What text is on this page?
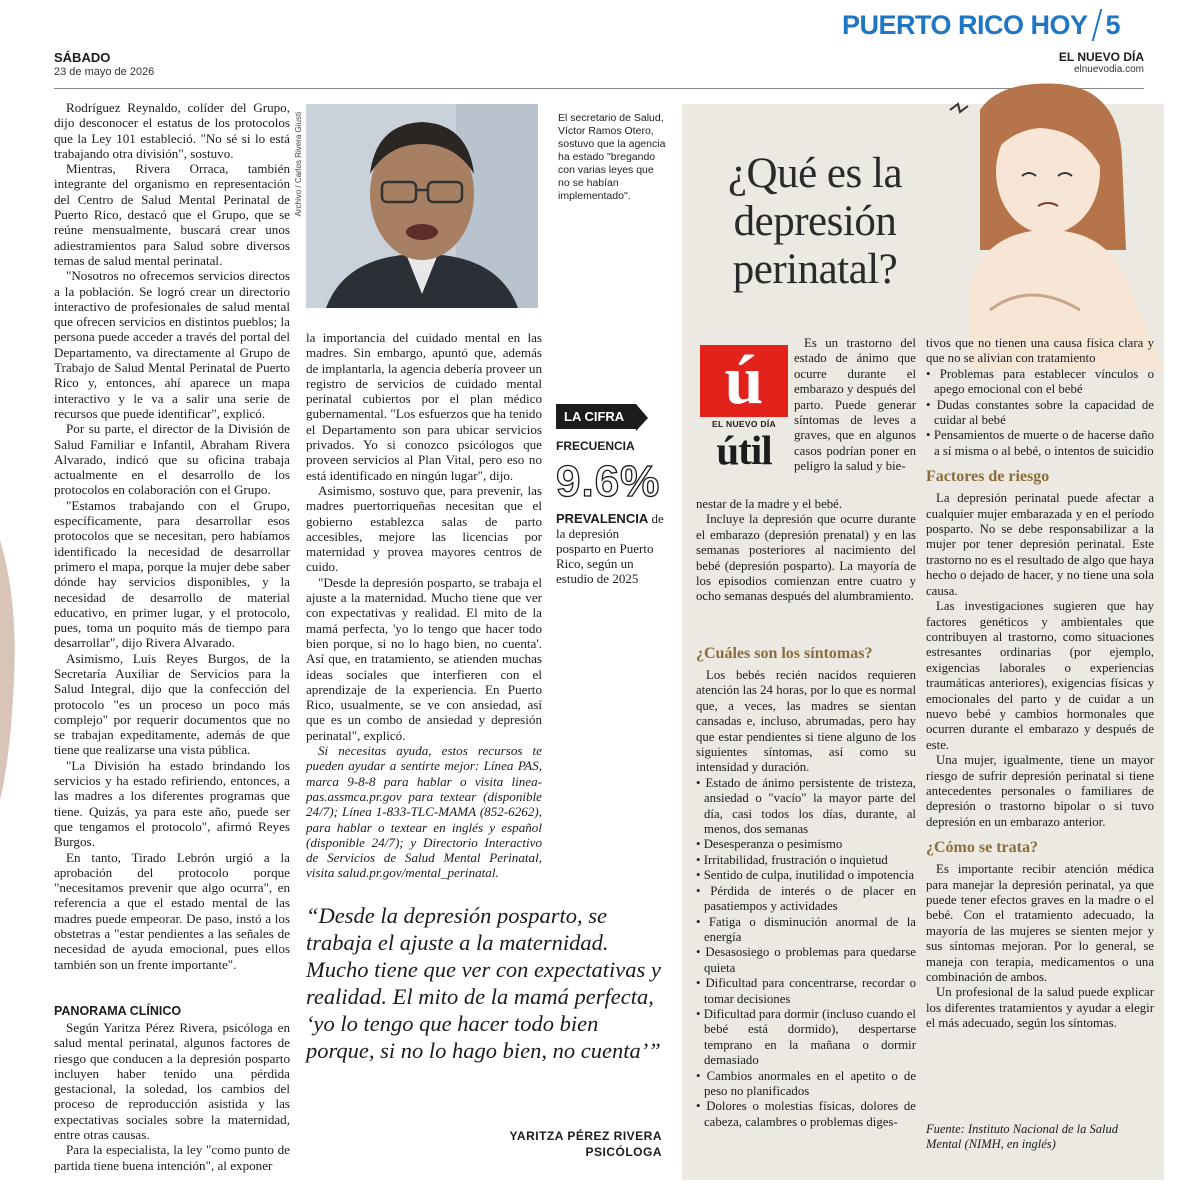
PUERTO RICO HOY 5
SÁBADO
23 de mayo de 2026
EL NUEVO DÍA
elnuevodia.com

Rodríguez Reynaldo, colíder del Grupo, dijo desconocer el estatus de los protocolos que la Ley 101 estableció. "No sé si lo está trabajando otra división", sostuvo.

Mientras, Rivera Orraca, también integrante del organismo en representación del Centro de Salud Mental Perinatal de Puerto Rico, destacó que el Grupo, que se reúne mensualmente, buscará crear unos adiestramientos para Salud sobre diversos temas de salud mental perinatal.

"Nosotros no ofrecemos servicios directos a la población. Se logró crear un directorio interactivo de profesionales de salud mental que ofrecen servicios en distintos pueblos; la persona puede acceder a través del portal del Departamento, va directamente al Grupo de Trabajo de Salud Mental Perinatal de Puerto Rico y, entonces, ahí aparece un mapa interactivo y le va a salir una serie de recursos que puede identificar", explicó.

Por su parte, el director de la División de Salud Familiar e Infantil, Abraham Rivera Alvarado, indicó que su oficina trabaja actualmente en el desarrollo de los protocolos en colaboración con el Grupo.

"Estamos trabajando con el Grupo, específicamente, para desarrollar esos protocolos que se necesitan, pero habíamos identificado la necesidad de desarrollar primero el mapa, porque la mujer debe saber dónde hay servicios disponibles, y la necesidad de desarrollo de material educativo, en primer lugar, y el protocolo, pues, toma un poquito más de tiempo para desarrollar", dijo Rivera Alvarado.

Asimismo, Luis Reyes Burgos, de la Secretaría Auxiliar de Servicios para la Salud Integral, dijo que la confección del protocolo "es un proceso un poco más complejo" por requerir documentos que no se trabajan expeditamente, además de que tiene que realizarse una vista pública.

"La División ha estado brindando los servicios y ha estado refiriendo, entonces, a las madres a los diferentes programas que tiene. Quizás, ya para este año, puede ser que tengamos el protocolo", afirmó Reyes Burgos.

En tanto, Tirado Lebrón urgió a la aprobación del protocolo porque "necesitamos prevenir que algo ocurra", en referencia a que el estado mental de las madres puede empeorar. De paso, instó a los obstetras a "estar pendientes a las señales de necesidad de ayuda emocional, pues ellos también son un frente importante".

PANORAMA CLÍNICO

Según Yaritza Pérez Rivera, psicóloga en salud mental perinatal, algunos factores de riesgo que conducen a la depresión posparto incluyen haber tenido una pérdida gestacional, la soledad, los cambios del proceso de reproducción asistida y las expectativas sociales sobre la maternidad, entre otras causas.

Para la especialista, la ley "como punto de partida tiene buena intención", al exponer

Archivo / Carlos Rivera Giusti	El secretario de Salud, Víctor Ramos Otero, sostuvo que la agencia ha estado "bregando con varias leyes que no se habían implementado".

la importancia del cuidado mental en las madres. Sin embargo, apuntó que, además de implantarla, la agencia debería proveer un registro de servicios de cuidado mental perinatal cubiertos por el plan médico gubernamental. "Los esfuerzos que ha tenido el Departamento son para ubicar servicios privados. Yo si conozco psicólogos que proveen servicios al Plan Vital, pero eso no está identificado en ningún lugar", dijo.

Asimismo, sostuvo que, para prevenir, las madres puertorriqueñas necesitan que el gobierno establezca salas de parto accesibles, mejore las licencias por maternidad y provea mayores centros de cuido.

"Desde la depresión posparto, se trabaja el ajuste a la maternidad. Mucho tiene que ver con expectativas y realidad. El mito de la mamá perfecta, 'yo lo tengo que hacer todo bien porque, si no lo hago bien, no cuenta'. Así que, en tratamiento, se atienden muchas ideas sociales que interfieren con el aprendizaje de la experiencia. En Puerto Rico, usualmente, se ve con ansiedad, así que es un combo de ansiedad y depresión perinatal", explicó.

Si necesitas ayuda, estos recursos te pueden ayudar a sentirte mejor: Línea PAS, marca 9-8-8 para hablar o visita linea-pas.assmca.pr.gov para textear (disponible 24/7); Línea 1-833-TLC-MAMA (852-6262), para hablar o textear en inglés y español (disponible 24/7); y Directorio Interactivo de Servicios de Salud Mental Perinatal, visita salud.pr.gov/mental_perinatal.

LA CIFRA
FRECUENCIA
9.6%
PREVALENCIA de la depresión posparto en Puerto Rico, según un estudio de 2025
“Desde la depresión posparto, se trabaja el ajuste a la maternidad. Mucho tiene que ver con expectativas y realidad. El mito de la mamá perfecta, ‘yo lo tengo que hacer todo bien porque, si no lo hago bien, no cuenta’”
YARITZA PÉREZ RIVERA
PSICÓLOGA
¿Qué es la depresión perinatal?
ú
EL NUEVO DÍA
útil

Es un trastorno del estado de ánimo que ocurre durante el embarazo y después del parto. Puede generar síntomas de leves a graves, que en algunos casos podrían poner en peligro la salud y bie-

nestar de la madre y el bebé.

Incluye la depresión que ocurre durante el embarazo (depresión prenatal) y en las semanas posteriores al nacimiento del bebé (depresión posparto). La mayoría de los episodios comienzan entre cuatro y ocho semanas después del alumbramiento.

¿Cuáles son los síntomas?

Los bebés recién nacidos requieren atención las 24 horas, por lo que es normal que, a veces, las madres se sientan cansadas e, incluso, abrumadas, pero hay que estar pendientes si tiene alguno de los siguientes síntomas, así como su intensidad y duración.

• Estado de ánimo persistente de tristeza, ansiedad o "vacío" la mayor parte del día, casi todos los días, durante, al menos, dos semanas
• Desesperanza o pesimismo
• Irritabilidad, frustración o inquietud
• Sentido de culpa, inutilidad o impotencia
• Pérdida de interés o de placer en pasatiempos y actividades
• Fatiga o disminución anormal de la energía
• Desasosiego o problemas para quedarse quieta
• Dificultad para concentrarse, recordar o tomar decisiones
• Dificultad para dormir (incluso cuando el bebé está dormido), despertarse temprano en la mañana o dormir demasiado
• Cambios anormales en el apetito o de peso no planificados
• Dolores o molestias físicas, dolores de cabeza, calambres o problemas diges-

tivos que no tienen una causa física clara y que no se alivian con tratamiento

• Problemas para establecer vínculos o apego emocional con el bebé
• Dudas constantes sobre la capacidad de cuidar al bebé
• Pensamientos de muerte o de hacerse daño a sí misma o al bebé, o intentos de suicidio
Factores de riesgo

La depresión perinatal puede afectar a cualquier mujer embarazada y en el período posparto. No se debe responsabilizar a la mujer por tener depresión perinatal. Este trastorno no es el resultado de algo que haya hecho o dejado de hacer, y no tiene una sola causa.

Las investigaciones sugieren que hay factores genéticos y ambientales que contribuyen al trastorno, como situaciones estresantes ordinarias (por ejemplo, exigencias laborales o experiencias traumáticas anteriores), exigencias físicas y emocionales del parto y de cuidar a un nuevo bebé y cambios hormonales que ocurren durante el embarazo y después de este.

Una mujer, igualmente, tiene un mayor riesgo de sufrir depresión perinatal si tiene antecedentes personales o familiares de depresión o trastorno bipolar o si tuvo depresión en un embarazo anterior.

¿Cómo se trata?

Es importante recibir atención médica para manejar la depresión perinatal, ya que puede tener efectos graves en la madre o el bebé. Con el tratamiento adecuado, la mayoría de las mujeres se sienten mejor y sus síntomas mejoran. Por lo general, se maneja con terapia, medicamentos o una combinación de ambos.

Un profesional de la salud puede explicar los diferentes tratamientos y ayudar a elegir el más adecuado, según los síntomas.

Fuente: Instituto Nacional de la Salud Mental (NIMH, en inglés)
